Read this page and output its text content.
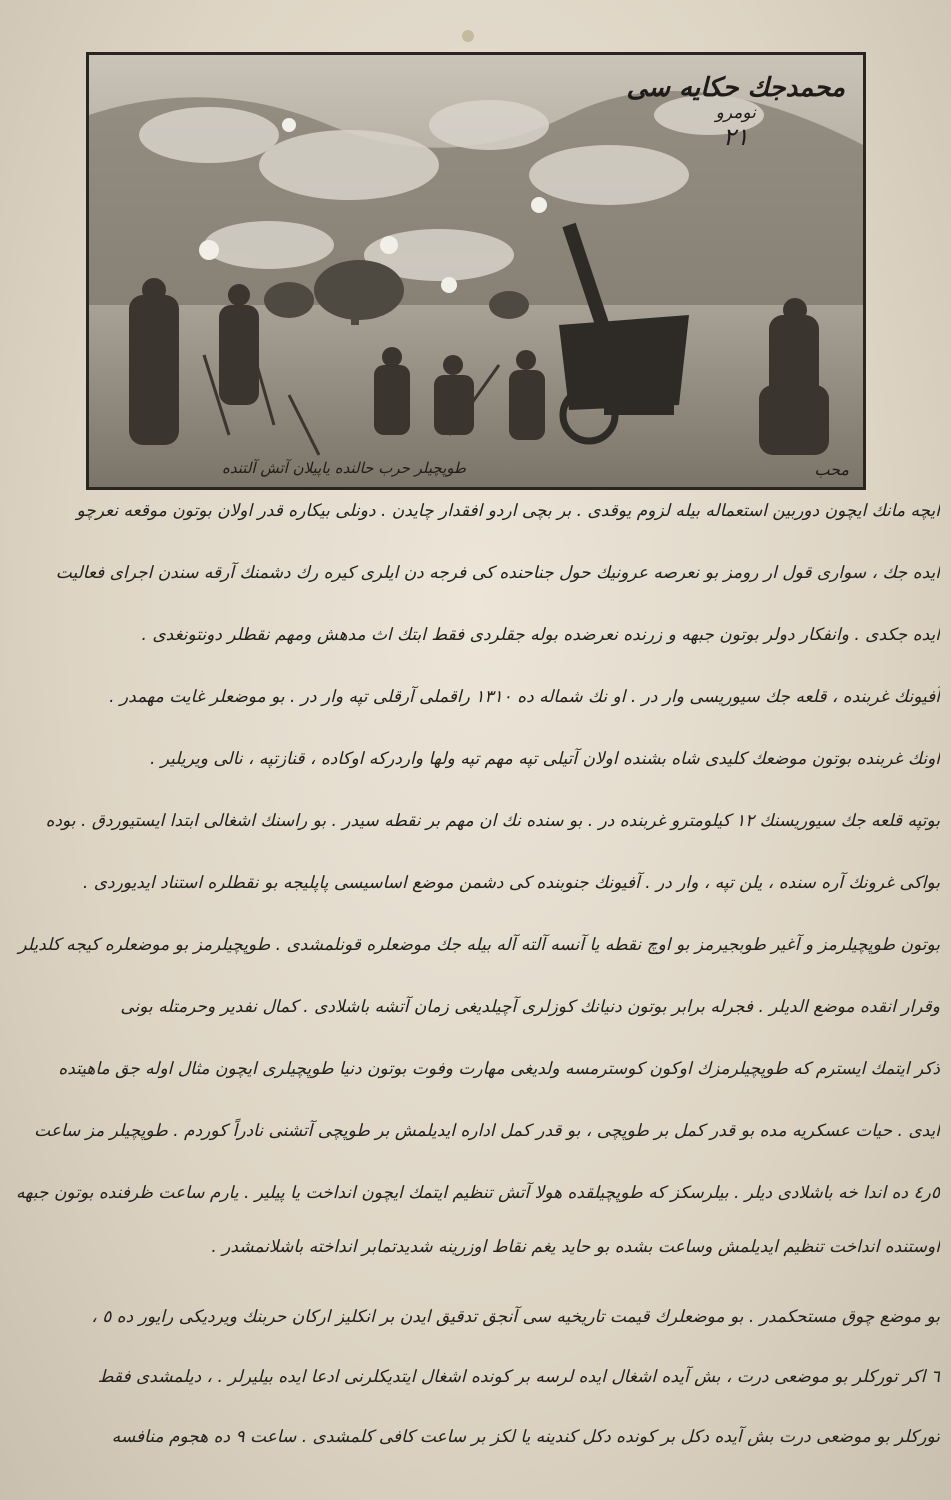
محمدجك حكايه سى
نومرو
٢١
طوپچيلر حرب حالنده ياپيلان آتش آلتنده	محب
ايچه مانك ايچون دوربين استعماله بيله لزوم يوقدى . بر بچى اردو افقدار چايدن . دونلى بيكاره قدر اولان بوتون موقعه نعرچو
ايده جك ، سوارى قول ار رومز بو نعرصه عرونيك حول جناحنده كى فرجه دن ايلرى كيره رك دشمنك آرقه سندن اجراى فعاليت
ايده جكدى . وانفكار دولر بوتون جبهه و زرنده نعرضده بوله جقلردى فقط ابتك اث مدهش ومهم نقطلر دونتونغدى .
آفيونك غربنده ، قلعه جك سيوريسى وار در . او نك شماله ده ١٣١٠ راقملى آرقلى تپه وار در . بو موضعلر غايت مهمدر .
اونك غربنده بوتون موضعك كليدى شاه بشنده اولان آتيلى تپه مهم تپه ولها واردركه اوكاده ، قنازتپه ، نالى ويريلير .
بوتپه قلعه جك سيوريسنك ١٢ كيلومترو غربنده در . بو سنده نك ان مهم بر نقطه سيدر . بو راسنك اشغالى ابتدا ايستيوردق . بوده
بواكى غرونك آره سنده ، يلن تپه ، وار در . آفيونك جنوبنده كى دشمن موضع اساسيسى پاپليجه بو نقطلره استناد ايديوردى .
بوتون طوپچيلرمز و آغير طوبجيرمز بو اوچ نقطه يا آنسه آلته آله بيله جك موضعلره قونلمشدى . طوپچيلرمز بو موضعلره كيجه كلديلر
وقرار انقده موضع الديلر . فجرله برابر بوتون دنيانك كوزلرى آچيلديغى زمان آتشه باشلادى . كمال نفدير وحرمتله بونى
ذكر ايتمك ايسترم كه طوپچيلرمزك اوكون كوسترمسه ولديغى مهارت وفوت بوتون دنيا طوپچيلرى ايچون مثال اوله جق ماهيتده
ايدى . حيات عسكريه مده بو قدر كمل بر طوپچى ، بو قدر كمل اداره ايديلمش بر طوپچى آتشنى نادراً كوردم . طوپچيلر مز ساعت
٥ر٤ ده اندا خه باشلادى ديلر . بيلرسكز كه طوپچيلقده هولا آتش تنظيم ايتمك ايچون انداخت يا پيلير . يارم ساعت ظرفنده بوتون جبهه
اوستنده انداخت تنظيم ايديلمش وساعت بشده بو حايد يغم نقاط اوزرينه شديدتمابر انداخته باشلانمشدر .
بو موضع چوق مستحكمدر . بو موضعلرك قيمت تاريخيه سى آنجق تدقيق ايدن بر انكليز اركان حربنك ويرديكى رايور ده ٥ ،
٦ اكر توركلر بو موضعى درت ، بش آيده اشغال ايده لرسه بر كونده اشغال ايتديكلرنى ادعا ايده بيليرلر . ، ديلمشدى فقط
توركلر بو موضعى درت بش آيده دكل بر كونده دكل كندينه يا لكز بر ساعت كافى كلمشدى . ساعت ٩ ده هجوم منافسه
